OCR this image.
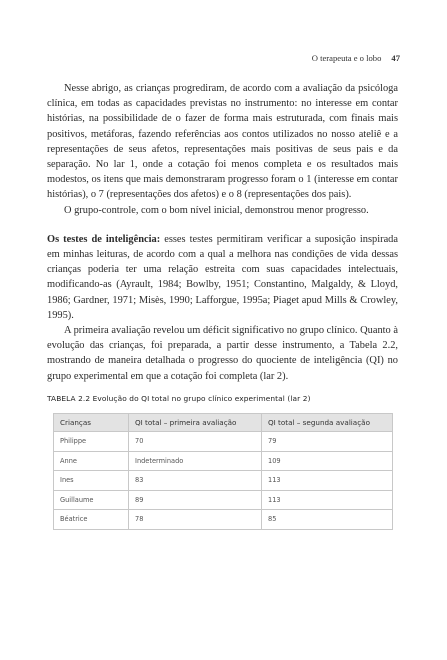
O terapeuta e o lobo 47

Nesse abrigo, as crianças progrediram, de acordo com a avaliação da psicóloga clínica, em todas as capacidades previstas no instrumento: no interesse em contar histórias, na possibilidade de o fazer de forma mais estruturada, com finais mais positivos, metáforas, fazendo referências aos contos utilizados no nosso ateliê e a representações de seus afetos, representações mais positivas de seus pais e da separação. No lar 1, onde a cotação foi menos completa e os resultados mais modestos, os itens que mais demonstraram progresso foram o 1 (interesse em contar histórias), o 7 (representações dos afetos) e o 8 (representações dos pais).

O grupo-controle, com o bom nível inicial, demonstrou menor progresso.

Os testes de inteligência: esses testes permitiram verificar a suposição inspirada em minhas leituras, de acordo com a qual a melhora nas condições de vida dessas crianças poderia ter uma relação estreita com suas capacidades intelectuais, modificando-as (Ayrault, 1984; Bowlby, 1951; Constantino, Malgaldy, & Lloyd, 1986; Gardner, 1971; Misès, 1990; Lafforgue, 1995a; Piaget apud Mills & Crowley, 1995).

A primeira avaliação revelou um déficit significativo no grupo clínico. Quanto à evolução das crianças, foi preparada, a partir desse instrumento, a Tabela 2.2, mostrando de maneira detalhada o progresso do quociente de inteligência (QI) no grupo experimental em que a cotação foi completa (lar 2).

TABELA 2.2 Evolução do QI total no grupo clínico experimental (lar 2)
Crianças	QI total – primeira avaliação	QI total – segunda avaliação
Philippe	70	79
Anne	Indeterminado	109
Ines	83	113
Guillaume	89	113
Béatrice	78	85
